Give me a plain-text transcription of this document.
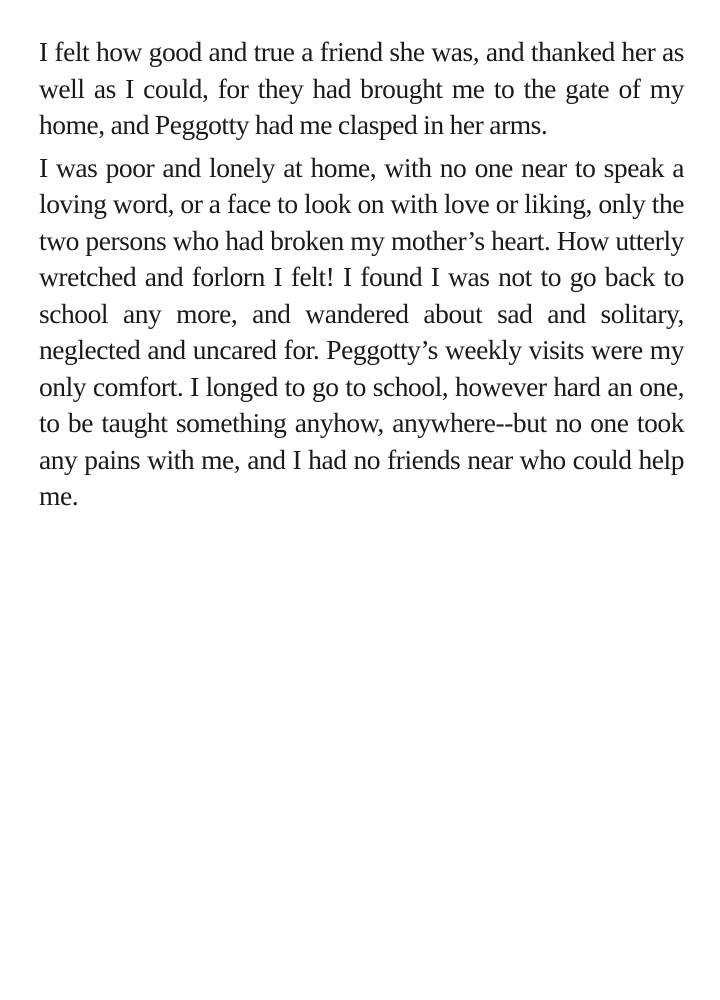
I felt how good and true a friend she was, and thanked her as well as I could, for they had brought me to the gate of my home, and Peggotty had me clasped in her arms.

I was poor and lonely at home, with no one near to speak a loving word, or a face to look on with love or liking, only the two persons who had broken my mother’s heart. How utterly wretched and forlorn I felt! I found I was not to go back to school any more, and wandered about sad and solitary, neglected and uncared for. Peggotty’s weekly visits were my only comfort. I longed to go to school, however hard an one, to be taught something anyhow, anywhere--but no one took any pains with me, and I had no friends near who could help me.
